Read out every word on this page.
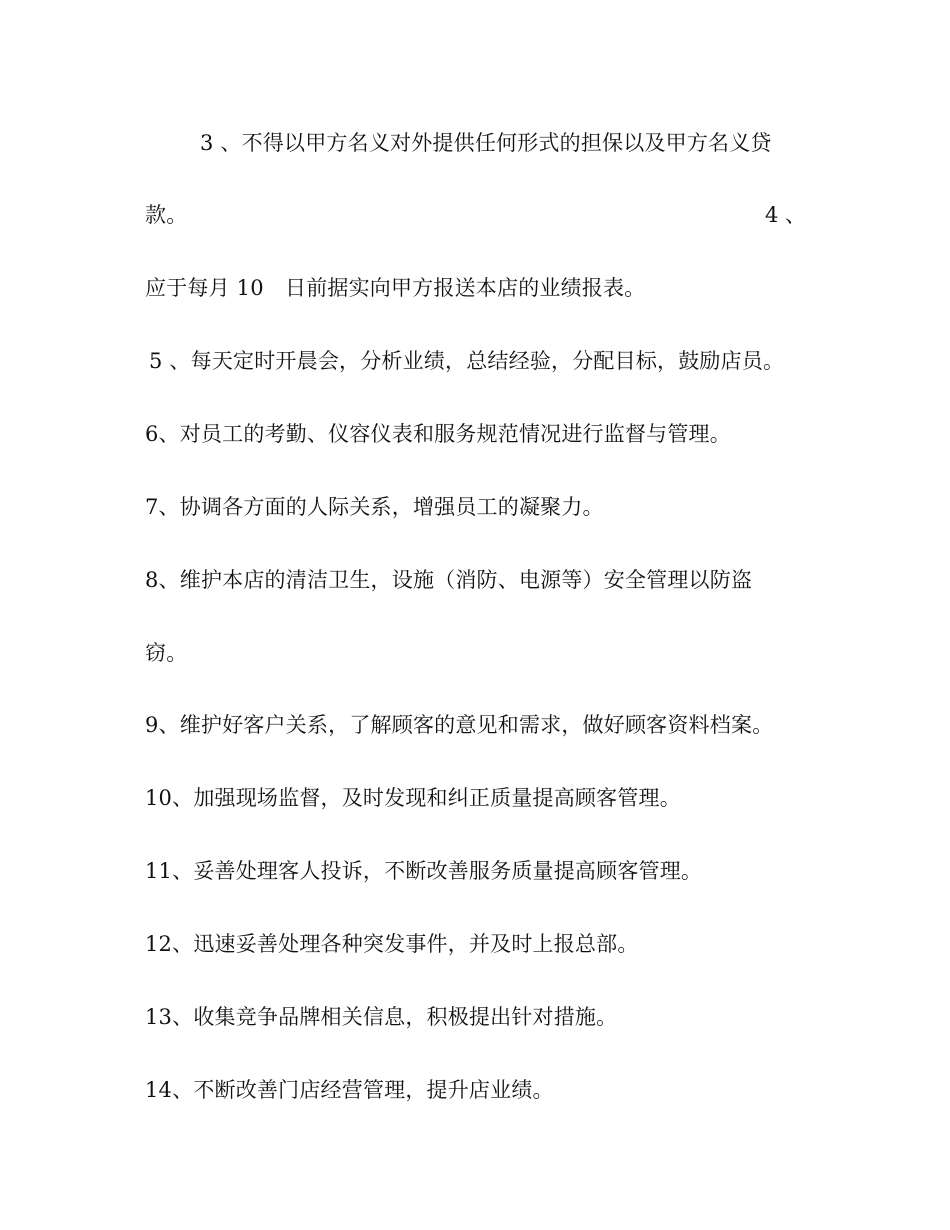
3 、不得以甲方名义对外提供任何形式的担保以及甲方名义贷
款。	4 、
应于每月 10　日前据实向甲方报送本店的业绩报表。
5 、每天定时开晨会，分析业绩，总结经验，分配目标，鼓励店员。
6、对员工的考勤、仪容仪表和服务规范情况进行监督与管理。
7、协调各方面的人际关系，增强员工的凝聚力。
8、维护本店的清洁卫生，设施（消防、电源等）安全管理以防盗
窃。
9、维护好客户关系，了解顾客的意见和需求，做好顾客资料档案。
10、加强现场监督，及时发现和纠正质量提高顾客管理。
11、妥善处理客人投诉，不断改善服务质量提高顾客管理。
12、迅速妥善处理各种突发事件，并及时上报总部。
13、收集竞争品牌相关信息，积极提出针对措施。
14、不断改善门店经营管理，提升店业绩。
